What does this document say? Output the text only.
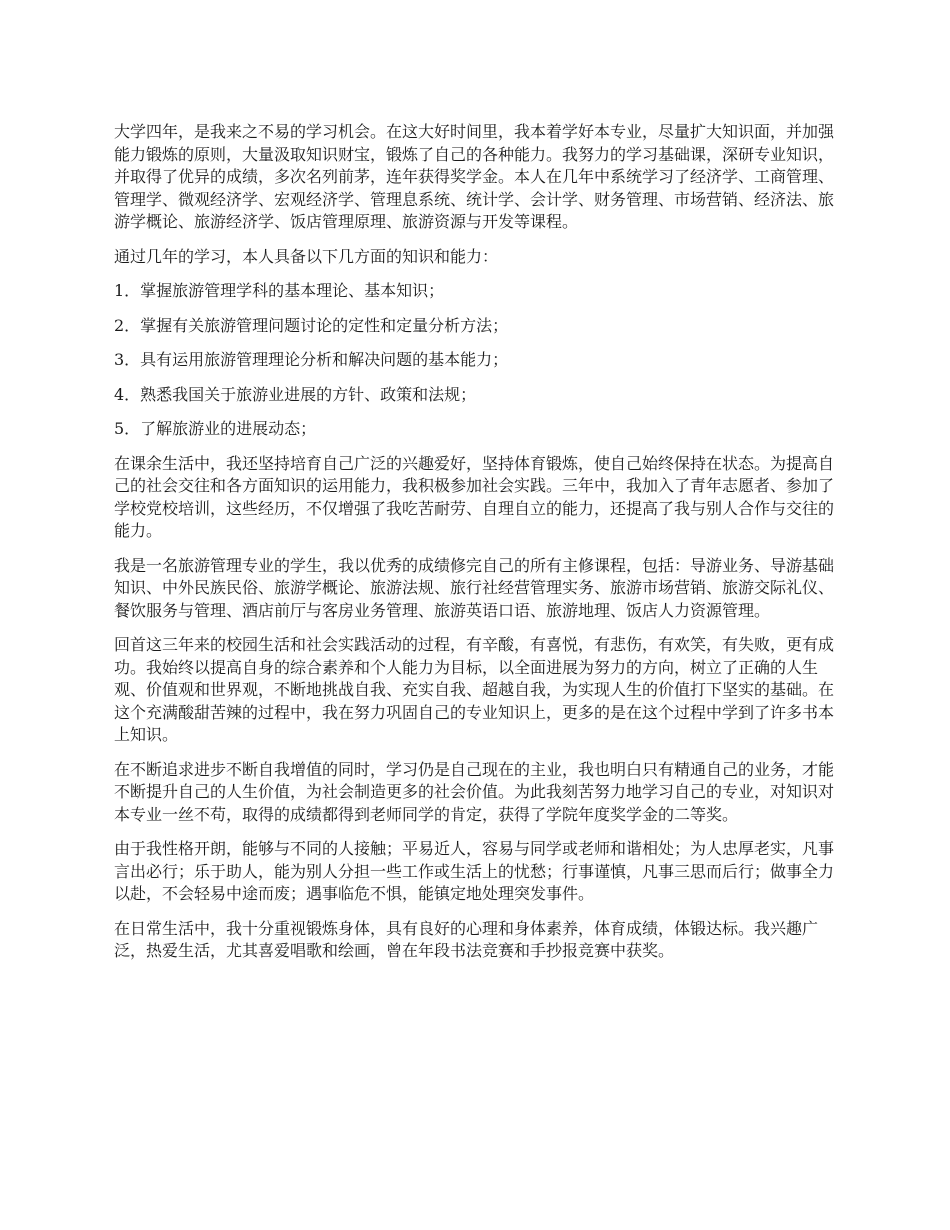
大学四年，是我来之不易的学习机会。在这大好时间里，我本着学好本专业，尽量扩大知识面，并加强能力锻炼的原则，大量汲取知识财宝，锻炼了自己的各种能力。我努力的学习基础课，深研专业知识，并取得了优异的成绩，多次名列前茅，连年获得奖学金。本人在几年中系统学习了经济学、工商管理、管理学、微观经济学、宏观经济学、管理息系统、统计学、会计学、财务管理、市场营销、经济法、旅游学概论、旅游经济学、饭店管理原理、旅游资源与开发等课程。

通过几年的学习，本人具备以下几方面的知识和能力：

1．掌握旅游管理学科的基本理论、基本知识；

2．掌握有关旅游管理问题讨论的定性和定量分析方法；

3．具有运用旅游管理理论分析和解决问题的基本能力；

4．熟悉我国关于旅游业进展的方针、政策和法规；

5．了解旅游业的进展动态；

在课余生活中，我还坚持培育自己广泛的兴趣爱好，坚持体育锻炼，使自己始终保持在状态。为提高自己的社会交往和各方面知识的运用能力，我积极参加社会实践。三年中，我加入了青年志愿者、参加了学校党校培训，这些经历，不仅增强了我吃苦耐劳、自理自立的能力，还提高了我与别人合作与交往的能力。

我是一名旅游管理专业的学生，我以优秀的成绩修完自己的所有主修课程，包括：导游业务、导游基础知识、中外民族民俗、旅游学概论、旅游法规、旅行社经营管理实务、旅游市场营销、旅游交际礼仪、餐饮服务与管理、酒店前厅与客房业务管理、旅游英语口语、旅游地理、饭店人力资源管理。

回首这三年来的校园生活和社会实践活动的过程，有辛酸，有喜悦，有悲伤，有欢笑，有失败，更有成功。我始终以提高自身的综合素养和个人能力为目标，以全面进展为努力的方向，树立了正确的人生观、价值观和世界观，不断地挑战自我、充实自我、超越自我，为实现人生的价值打下坚实的基础。在这个充满酸甜苦辣的过程中，我在努力巩固自己的专业知识上，更多的是在这个过程中学到了许多书本上知识。

在不断追求进步不断自我增值的同时，学习仍是自己现在的主业，我也明白只有精通自己的业务，才能不断提升自己的人生价值，为社会制造更多的社会价值。为此我刻苦努力地学习自己的专业，对知识对本专业一丝不苟，取得的成绩都得到老师同学的肯定，获得了学院年度奖学金的二等奖。

由于我性格开朗，能够与不同的人接触；平易近人，容易与同学或老师和谐相处；为人忠厚老实，凡事言出必行；乐于助人，能为别人分担一些工作或生活上的忧愁；行事谨慎，凡事三思而后行；做事全力以赴，不会轻易中途而废；遇事临危不惧，能镇定地处理突发事件。

在日常生活中，我十分重视锻炼身体，具有良好的心理和身体素养，体育成绩，体锻达标。我兴趣广泛，热爱生活，尤其喜爱唱歌和绘画，曾在年段书法竞赛和手抄报竞赛中获奖。
